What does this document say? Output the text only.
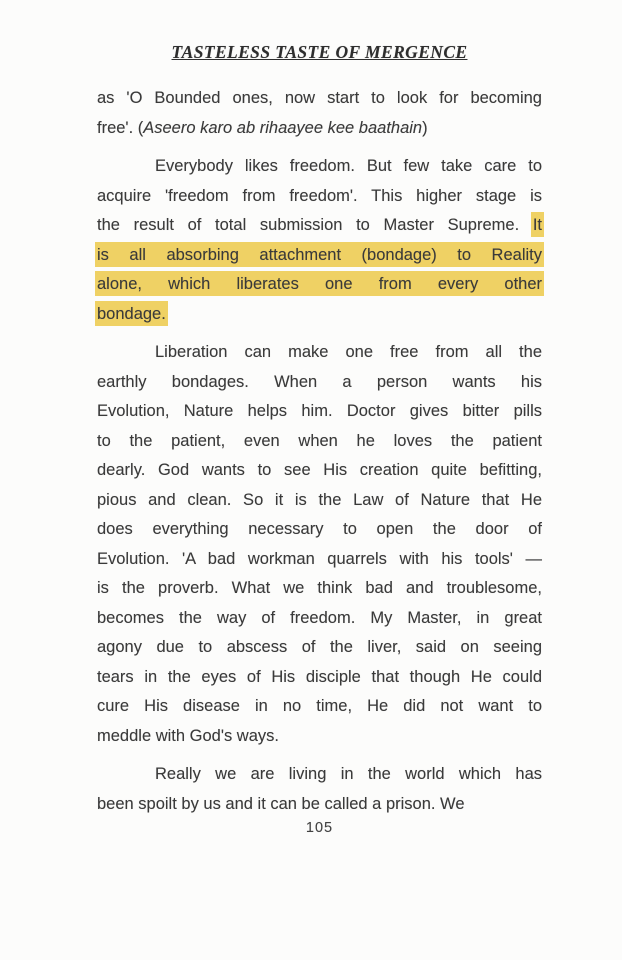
TASTELESS TASTE OF MERGENCE

as 'O Bounded ones, now start to look for becoming
free'. (Aseero karo ab rihaayee kee baathain)

Everybody likes freedom. But few take care to
acquire 'freedom from freedom'. This higher stage is
the result of total submission to Master Supreme. It
is all absorbing attachment (bondage) to Reality
alone, which liberates one from every other
bondage.

Liberation can make one free from all the
earthly bondages. When a person wants his
Evolution, Nature helps him. Doctor gives bitter pills
to the patient, even when he loves the patient
dearly. God wants to see His creation quite befitting,
pious and clean. So it is the Law of Nature that He
does everything necessary to open the door of
Evolution. 'A bad workman quarrels with his tools' —
is the proverb. What we think bad and troublesome,
becomes the way of freedom. My Master, in great
agony due to abscess of the liver, said on seeing
tears in the eyes of His disciple that though He could
cure His disease in no time, He did not want to
meddle with God's ways.

Really we are living in the world which has
been spoilt by us and it can be called a prison. We

105
